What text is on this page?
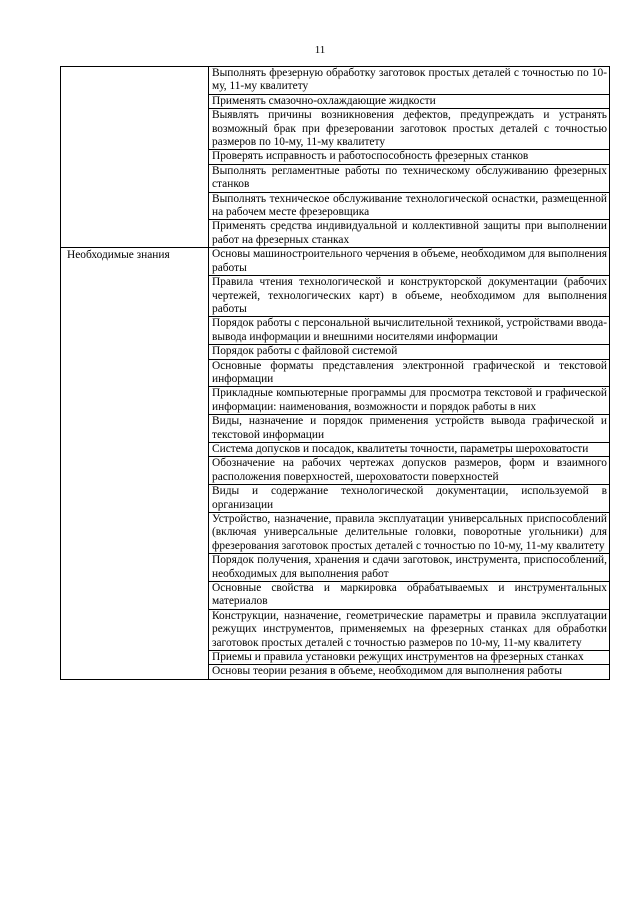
11
	Выполнять фрезерную обработку заготовок простых деталей с точностью по 10-му, 11-му квалитету
	Применять смазочно-охлаждающие жидкости
	Выявлять причины возникновения дефектов, предупреждать и устранять возможный брак при фрезеровании заготовок простых деталей с точностью размеров по 10-му, 11-му квалитету
	Проверять исправность и работоспособность фрезерных станков
	Выполнять регламентные работы по техническому обслуживанию фрезерных станков
	Выполнять техническое обслуживание технологической оснастки, размещенной на рабочем месте фрезеровщика
	Применять средства индивидуальной и коллективной защиты при выполнении работ на фрезерных станках
Необходимые знания	Основы машиностроительного черчения в объеме, необходимом для выполнения работы
	Правила чтения технологической и конструкторской документации (рабочих чертежей, технологических карт) в объеме, необходимом для выполнения работы
	Порядок работы с персональной вычислительной техникой, устройствами ввода-вывода информации и внешними носителями информации
	Порядок работы с файловой системой
	Основные форматы представления электронной графической и текстовой информации
	Прикладные компьютерные программы для просмотра текстовой и графической информации: наименования, возможности и порядок работы в них
	Виды, назначение и порядок применения устройств вывода графической и текстовой информации
	Система допусков и посадок, квалитеты точности, параметры шероховатости
	Обозначение на рабочих чертежах допусков размеров, форм и взаимного расположения поверхностей, шероховатости поверхностей
	Виды и содержание технологической документации, используемой в организации
	Устройство, назначение, правила эксплуатации универсальных приспособлений (включая универсальные делительные головки, поворотные угольники) для фрезерования заготовок простых деталей с точностью по 10-му, 11-му квалитету
	Порядок получения, хранения и сдачи заготовок, инструмента, приспособлений, необходимых для выполнения работ
	Основные свойства и маркировка обрабатываемых и инструментальных материалов
	Конструкции, назначение, геометрические параметры и правила эксплуатации режущих инструментов, применяемых на фрезерных станках для обработки заготовок простых деталей с точностью размеров по 10-му, 11-му квалитету
	Приемы и правила установки режущих инструментов на фрезерных станках
	Основы теории резания в объеме, необходимом для выполнения работы
